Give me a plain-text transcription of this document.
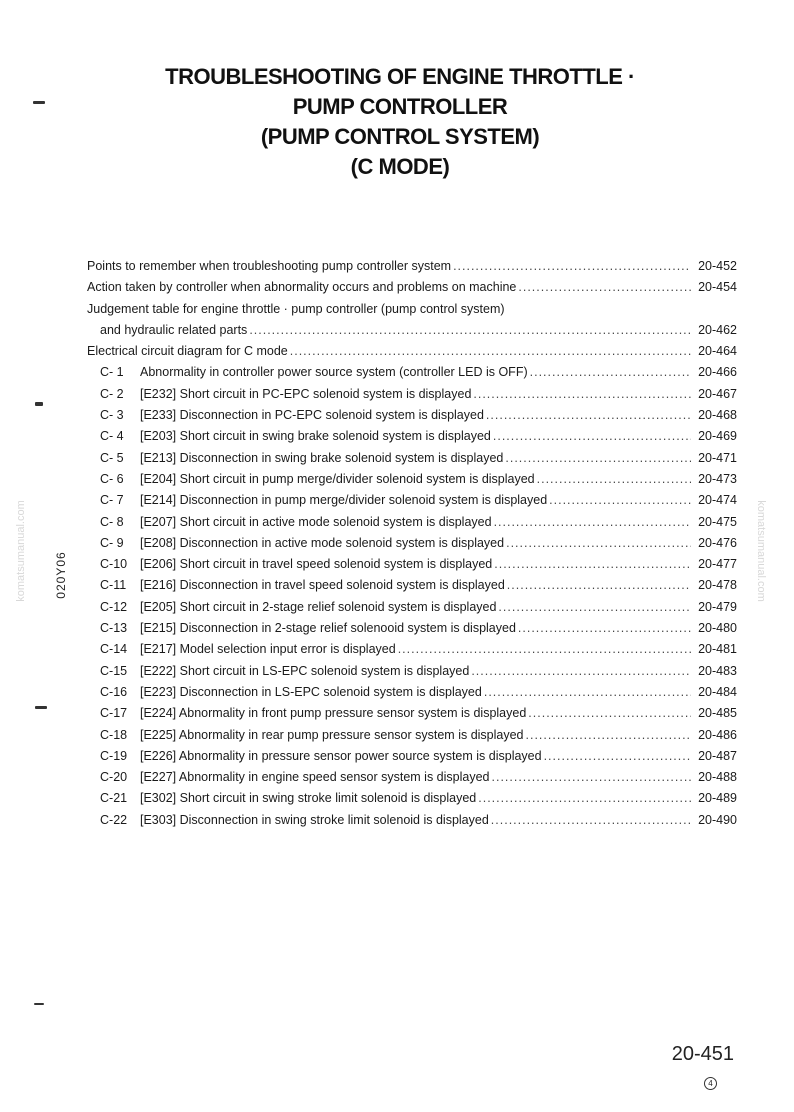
TROUBLESHOOTING OF ENGINE THROTTLE ·
PUMP CONTROLLER
(PUMP CONTROL SYSTEM)
(C MODE)
020Y06
komatsumanual.com	komatsumanual.com
Points to remember when troubleshooting pump controller system .....	20-452
Action taken by controller when abnormality occurs and problems on machine .....	20-454
Judgement table for engine throttle · pump controller (pump control system)
and hydraulic related parts .....	20-462
Electrical circuit diagram for C mode .....	20-464
C- 1 Abnormality in controller power source system (controller LED is OFF) .....	20-466
C- 2 [E232] Short circuit in PC-EPC solenoid system is displayed .....	20-467
C- 3 [E233] Disconnection in PC-EPC solenoid system is displayed .....	20-468
C- 4 [E203] Short circuit in swing brake solenoid system is displayed .....	20-469
C- 5 [E213] Disconnection in swing brake solenoid system is displayed .....	20-471
C- 6 [E204] Short circuit in pump merge/divider solenoid system is displayed .....	20-473
C- 7 [E214] Disconnection in pump merge/divider solenoid system is displayed .....	20-474
C- 8 [E207] Short circuit in active mode solenoid system is displayed .....	20-475
C- 9 [E208] Disconnection in active mode solenoid system is displayed .....	20-476
C-10 [E206] Short circuit in travel speed solenoid system is displayed .....	20-477
C-11 [E216] Disconnection in travel speed solenoid system is displayed .....	20-478
C-12 [E205] Short circuit in 2-stage relief solenoid system is displayed .....	20-479
C-13 [E215] Disconnection in 2-stage relief solenooid system is displayed .....	20-480
C-14 [E217] Model selection input error is displayed .....	20-481
C-15 [E222] Short circuit in LS-EPC solenoid system is displayed .....	20-483
C-16 [E223] Disconnection in LS-EPC solenoid system is displayed .....	20-484
C-17 [E224] Abnormality in front pump pressure sensor system is displayed .....	20-485
C-18 [E225] Abnormality in rear pump pressure sensor system is displayed .....	20-486
C-19 [E226] Abnormality in pressure sensor power source system is displayed .....	20-487
C-20 [E227] Abnormality in engine speed sensor system is displayed .....	20-488
C-21 [E302] Short circuit in swing stroke limit solenoid is displayed .....	20-489
C-22 [E303] Disconnection in swing stroke limit solenoid is displayed .....	20-490
20-451
4
